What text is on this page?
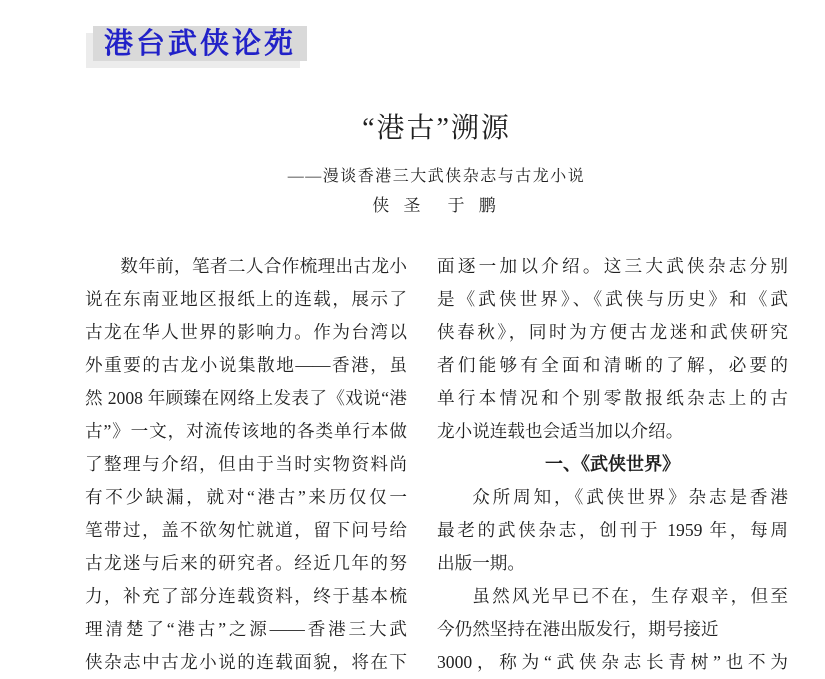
港台武侠论苑
“港古”溯源
——漫谈香港三大武侠杂志与古龙小说
侠 圣　于 鹏
数年前，笔者二人合作梳理出古龙小
说在东南亚地区报纸上的连载，展示了
古龙在华人世界的影响力。作为台湾以
外重要的古龙小说集散地——香港，虽
然 2008 年顾臻在网络上发表了《戏说“港
古”》一文，对流传该地的各类单行本做
了整理与介绍，但由于当时实物资料尚
有不少缺漏，就对“港古”来历仅仅一
笔带过，盖不欲匆忙就道，留下问号给
古龙迷与后来的研究者。经近几年的努
力，补充了部分连载资料，终于基本梳
理清楚了“港古”之源——香港三大武
侠杂志中古龙小说的连载面貌，将在下
面逐一加以介绍。这三大武侠杂志分别
是《武侠世界》、《武侠与历史》和《武
侠春秋》，同时为方便古龙迷和武侠研究
者们能够有全面和清晰的了解，必要的
单行本情况和个别零散报纸杂志上的古
龙小说连载也会适当加以介绍。
一、《武侠世界》
众所周知，《武侠世界》杂志是香港
最老的武侠杂志，创刊于 1959 年，每周
出版一期。
虽然风光早已不在，生存艰辛，但至
今仍然坚持在港出版发行，期号接近
3000，称为“武侠杂志长青树”也不为
